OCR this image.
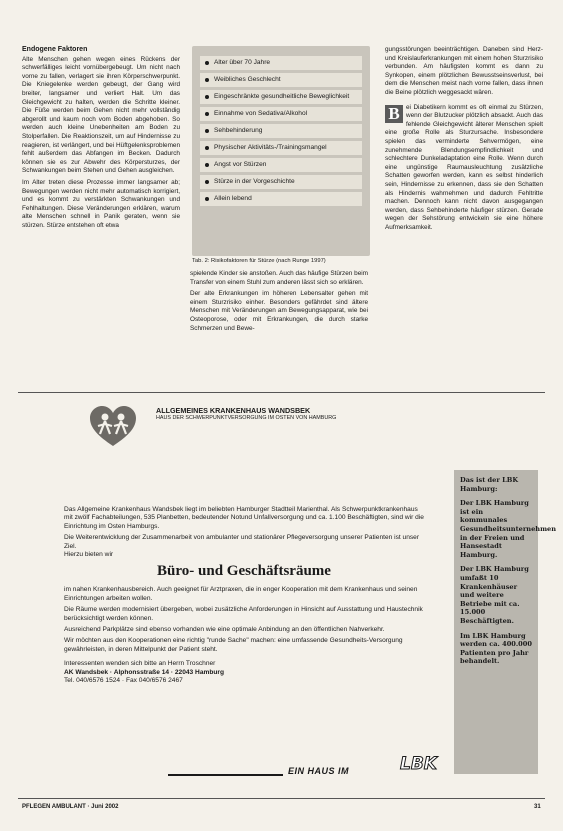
Endogene Faktoren

Alte Menschen gehen wegen eines Rückens der schwerfälliges leicht vornübergebeugt. Um nicht nach vorne zu fallen, verlagert sie ihren Körperschwerpunkt. Die Kniegelenke werden gebeugt, der Gang wird breiter, langsamer und verliert Halt. Um das Gleichgewicht zu halten, werden die Schritte kleiner. Die Füße werden beim Gehen nicht mehr vollständig abgerollt und kaum noch vom Boden abgehoben. So werden auch kleine Unebenheiten am Boden zu Stolperfallen. Die Reaktionszeit, um auf Hindernisse zu reagieren, ist verlängert, und bei Hüftgelenksproblemen fehlt außerdem das Abfangen im Becken. Dadurch können sie es zur Abwehr des Körpersturzes, der Schwankungen beim Stehen und Gehen ausgleichen.

Im Alter treten diese Prozesse immer langsamer ab; Bewegungen werden nicht mehr automatisch korrigiert, und es kommt zu verstärkten Schwankungen und Fehlhaltungen. Diese Veränderungen erklären, warum alte Menschen schnell in Panik geraten, wenn sie stürzen. Stürze entstehen oft etwa

Alter über 70 Jahre
Weibliches Geschlecht
Eingeschränkte gesundheitliche Beweglichkeit
Einnahme von Sedativa/Alkohol
Sehbehinderung
Physischer Aktivitäts-/Trainingsmangel
Angst vor Stürzen
Stürze in der Vorgeschichte
Allein lebend
Tab. 2: Risikofaktoren für Stürze (nach Runge 1997)

spielende Kinder sie anstoßen. Auch das häufige Stürzen beim Transfer von einem Stuhl zum anderen lässt sich so erklären.

Der alte Erkrankungen im höheren Lebensalter gehen mit einem Sturzrisiko einher. Besonders gefährdet sind ältere Menschen mit Veränderungen am Bewegungsapparat, wie bei Osteoporose, oder mit Erkrankungen, die durch starke Schmerzen und Bewe-

gungsstörungen beeinträchtigen. Daneben sind Herz- und Kreislauferkrankungen mit einem hohen Sturzrisiko verbunden. Am häufigsten kommt es dann zu Synkopen, einem plötzlichen Bewusstseinsverlust, bei dem die Menschen meist nach vorne fallen, dass ihnen die Beine plötzlich weggesackt wären.

B ei Diabetikern kommt es oft einmal zu Stürzen, wenn der Blutzucker plötzlich absackt. Auch das fehlende Gleichgewicht älterer Menschen spielt eine große Rolle als Sturzursache. Insbesondere spielen das verminderte Sehvermögen, eine zunehmende Blendungsempfindlichkeit und schlechtere Dunkeladaptation eine Rolle. Wenn durch eine ungünstige Raumausleuchtung zusätzliche Schatten geworfen werden, kann es selbst hinderlich sein, Hindernisse zu erkennen, dass sie den Schatten als Hindernis wahrnehmen und dadurch Fehltritte machen. Dennoch kann nicht davon ausgegangen werden, dass Sehbehinderte häufiger stürzen. Gerade wegen der Sehstörung entwickeln sie eine höhere Aufmerksamkeit.

ALLGEMEINES KRANKENHAUS WANDSBEK
HAUS DER SCHWERPUNKTVERSORGUNG IM OSTEN VON HAMBURG

Das Allgemeine Krankenhaus Wandsbek liegt im beliebten Hamburger Stadtteil Marienthal. Als Schwerpunktkrankenhaus mit zwölf Fachabteilungen, 535 Planbetten, bedeutender Notund Unfallversorgung und ca. 1.100 Beschäftigten, sind wir die Einrichtung im Osten Hamburgs.

Die Weiterentwicklung der Zusammenarbeit von ambulanter und stationärer Pflegeversorgung unserer Patienten ist unser Ziel.

Hierzu bieten wir

Büro- und Geschäftsräume

im nahen Krankenhausbereich. Auch geeignet für Arztpraxen, die in enger Kooperation mit dem Krankenhaus und seinen Einrichtungen arbeiten wollen.

Die Räume werden modernisiert übergeben, wobei zusätzliche Anforderungen in Hinsicht auf Ausstattung und Haustechnik berücksichtigt werden können.

Ausreichend Parkplätze sind ebenso vorhanden wie eine optimale Anbindung an den öffentlichen Nahverkehr.

Wir möchten aus den Kooperationen eine richtig "runde Sache" machen: eine umfassende Gesundheits-Versorgung gewährleisten, in deren Mittelpunkt der Patient steht.

Interessenten wenden sich bitte an Herrn Troschner
AK Wandsbek · Alphonsstraße 14 · 22043 Hamburg
Tel. 040/6576 1524 · Fax 040/6576 2467

Das ist der LBK Hamburg:

Der LBK Hamburg ist ein kommunales Gesundheitsunternehmen in der Freien und Hansestadt Hamburg.

Der LBK Hamburg umfaßt 10 Krankenhäuser und weitere Betriebe mit ca. 15.000 Beschäftigten.

Im LBK Hamburg werden ca. 400.000 Patienten pro Jahr behandelt.

EIN HAUS IM	LBK
PFLEGEN AMBULANT · Juni 2002	31
